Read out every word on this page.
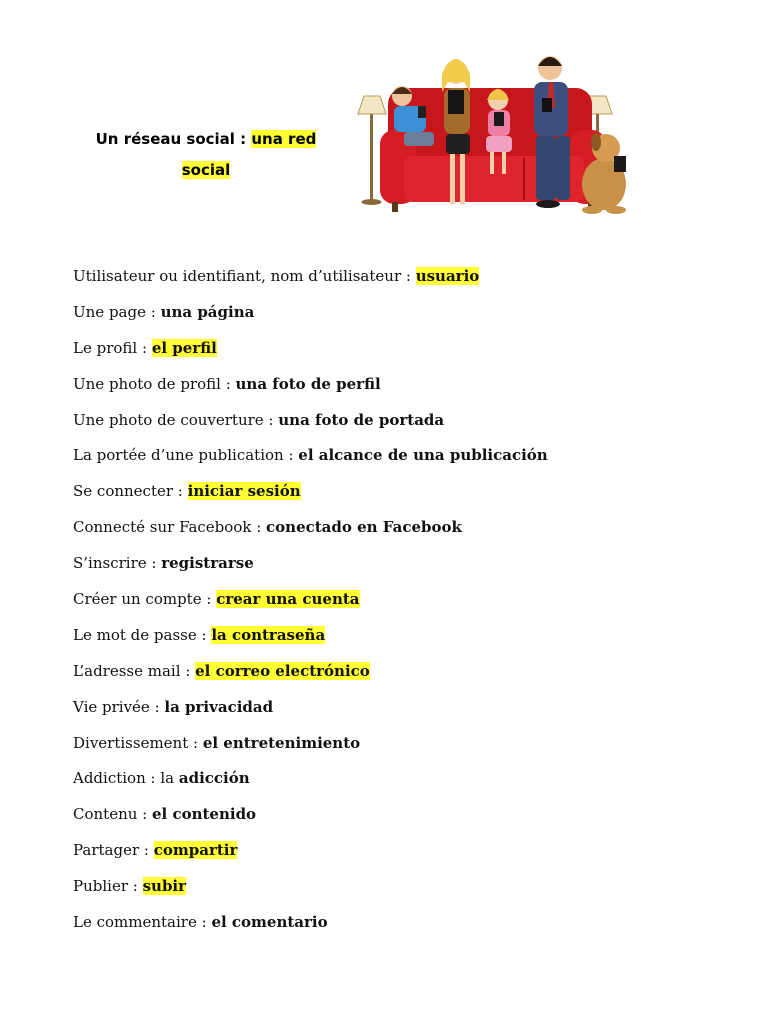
Un réseau social : una red
social
Utilisateur ou identifiant, nom d’utilisateur : usuario
Une page : una página
Le profil : el perfil
Une photo de profil : una foto de perfil
Une photo de couverture : una foto de portada
La portée d’une publication : el alcance de una publicación
Se connecter : iniciar sesión
Connecté sur Facebook : conectado en Facebook
S’inscrire : registrarse
Créer un compte : crear una cuenta
Le mot de passe : la contraseña
L’adresse mail : el correo electrónico
Vie privée : la privacidad
Divertissement : el entretenimiento
Addiction : la adicción
Contenu : el contenido
Partager : compartir
Publier : subir
Le commentaire : el comentario
